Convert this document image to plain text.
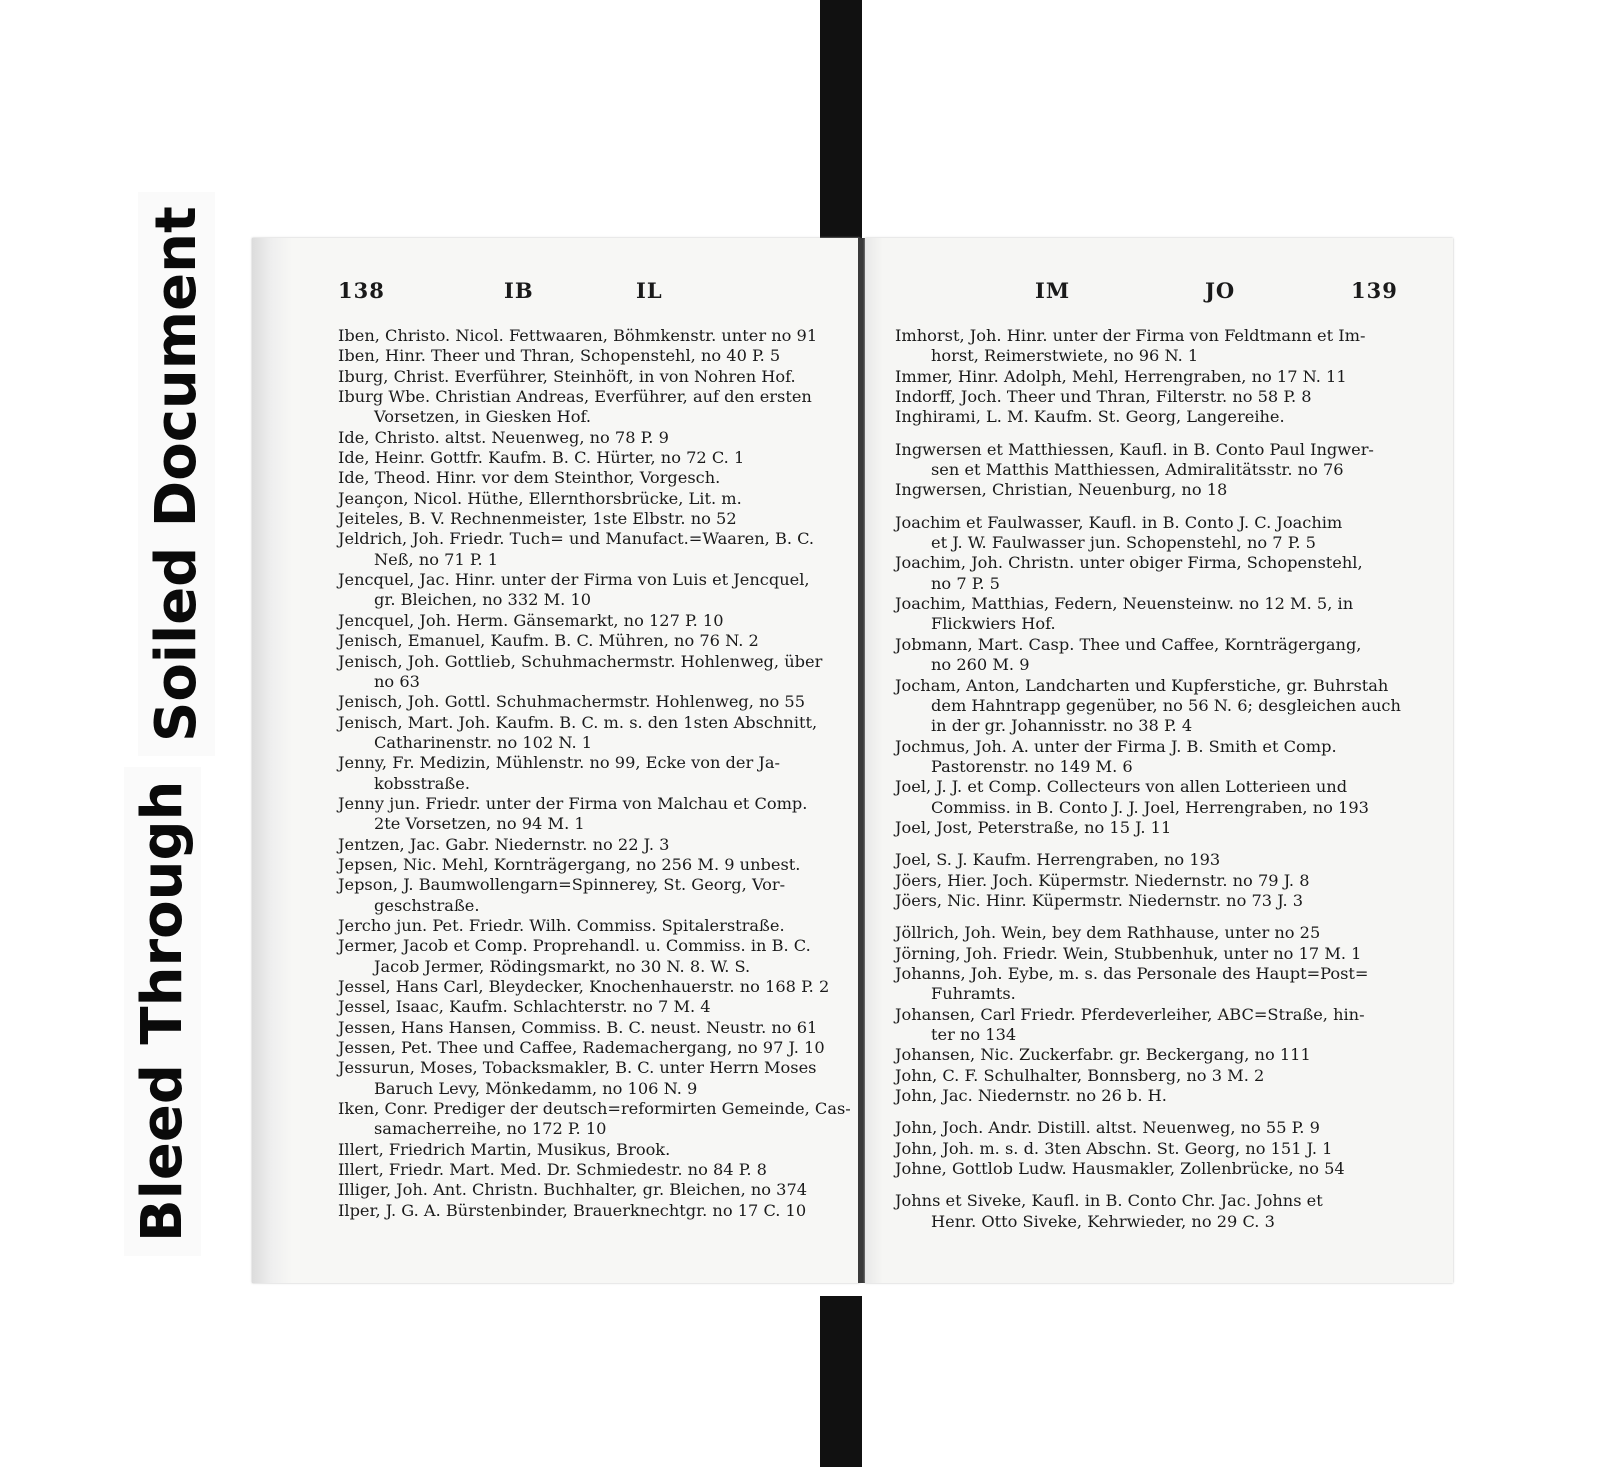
Soiled Document
Bleed Through
138	IB	IL
Iben, Christo. Nicol. Fettwaaren, Böhmkenstr. unter no 91
Iben, Hinr. Theer und Thran, Schopenstehl, no 40 P. 5
Iburg, Christ. Everführer, Steinhöft, in von Nohren Hof.
Iburg Wbe. Christian Andreas, Everführer, auf den ersten
Vorsetzen, in Giesken Hof.
Ide, Christo. altst. Neuenweg, no 78 P. 9
Ide, Heinr. Gottfr. Kaufm. B. C. Hürter, no 72 C. 1
Ide, Theod. Hinr. vor dem Steinthor, Vorgesch.
Jeançon, Nicol. Hüthe, Ellernthorsbrücke, Lit. m.
Jeiteles, B. V. Rechnenmeister, 1ste Elbstr. no 52
Jeldrich, Joh. Friedr. Tuch= und Manufact.=Waaren, B. C.
Neß, no 71 P. 1
Jencquel, Jac. Hinr. unter der Firma von Luis et Jencquel,
gr. Bleichen, no 332 M. 10
Jencquel, Joh. Herm. Gänsemarkt, no 127 P. 10
Jenisch, Emanuel, Kaufm. B. C. Mühren, no 76 N. 2
Jenisch, Joh. Gottlieb, Schuhmachermstr. Hohlenweg, über
no 63
Jenisch, Joh. Gottl. Schuhmachermstr. Hohlenweg, no 55
Jenisch, Mart. Joh. Kaufm. B. C. m. s. den 1sten Abschnitt,
Catharinenstr. no 102 N. 1
Jenny, Fr. Medizin, Mühlenstr. no 99, Ecke von der Ja-
kobsstraße.
Jenny jun. Friedr. unter der Firma von Malchau et Comp.
2te Vorsetzen, no 94 M. 1
Jentzen, Jac. Gabr. Niedernstr. no 22 J. 3
Jepsen, Nic. Mehl, Kornträgergang, no 256 M. 9 unbest.
Jepson, J. Baumwollengarn=Spinnerey, St. Georg, Vor-
geschstraße.
Jercho jun. Pet. Friedr. Wilh. Commiss. Spitalerstraße.
Jermer, Jacob et Comp. Proprehandl. u. Commiss. in B. C.
Jacob Jermer, Rödingsmarkt, no 30 N. 8. W. S.
Jessel, Hans Carl, Bleydecker, Knochenhauerstr. no 168 P. 2
Jessel, Isaac, Kaufm. Schlachterstr. no 7 M. 4
Jessen, Hans Hansen, Commiss. B. C. neust. Neustr. no 61
Jessen, Pet. Thee und Caffee, Rademachergang, no 97 J. 10
Jessurun, Moses, Tobacksmakler, B. C. unter Herrn Moses
Baruch Levy, Mönkedamm, no 106 N. 9
Iken, Conr. Prediger der deutsch=reformirten Gemeinde, Cas-
samacherreihe, no 172 P. 10
Illert, Friedrich Martin, Musikus, Brook.
Illert, Friedr. Mart. Med. Dr. Schmiedestr. no 84 P. 8
Illiger, Joh. Ant. Christn. Buchhalter, gr. Bleichen, no 374
Ilper, J. G. A. Bürstenbinder, Brauerknechtgr. no 17 C. 10
IM	JO	139
Imhorst, Joh. Hinr. unter der Firma von Feldtmann et Im-
horst, Reimerstwiete, no 96 N. 1
Immer, Hinr. Adolph, Mehl, Herrengraben, no 17 N. 11
Indorff, Joch. Theer und Thran, Filterstr. no 58 P. 8
Inghirami, L. M. Kaufm. St. Georg, Langereihe.
Ingwersen et Matthiessen, Kaufl. in B. Conto Paul Ingwer-
sen et Matthis Matthiessen, Admiralitätsstr. no 76
Ingwersen, Christian, Neuenburg, no 18
Joachim et Faulwasser, Kaufl. in B. Conto J. C. Joachim
et J. W. Faulwasser jun. Schopenstehl, no 7 P. 5
Joachim, Joh. Christn. unter obiger Firma, Schopenstehl,
no 7 P. 5
Joachim, Matthias, Federn, Neuensteinw. no 12 M. 5, in
Flickwiers Hof.
Jobmann, Mart. Casp. Thee und Caffee, Kornträgergang,
no 260 M. 9
Jocham, Anton, Landcharten und Kupferstiche, gr. Buhrstah
dem Hahntrapp gegenüber, no 56 N. 6; desgleichen auch
in der gr. Johannisstr. no 38 P. 4
Jochmus, Joh. A. unter der Firma J. B. Smith et Comp.
Pastorenstr. no 149 M. 6
Joel, J. J. et Comp. Collecteurs von allen Lotterieen und
Commiss. in B. Conto J. J. Joel, Herrengraben, no 193
Joel, Jost, Peterstraße, no 15 J. 11
Joel, S. J. Kaufm. Herrengraben, no 193
Jöers, Hier. Joch. Küpermstr. Niedernstr. no 79 J. 8
Jöers, Nic. Hinr. Küpermstr. Niedernstr. no 73 J. 3
Jöllrich, Joh. Wein, bey dem Rathhause, unter no 25
Jörning, Joh. Friedr. Wein, Stubbenhuk, unter no 17 M. 1
Johanns, Joh. Eybe, m. s. das Personale des Haupt=Post=
Fuhramts.
Johansen, Carl Friedr. Pferdeverleiher, ABC=Straße, hin-
ter no 134
Johansen, Nic. Zuckerfabr. gr. Beckergang, no 111
John, C. F. Schulhalter, Bonnsberg, no 3 M. 2
John, Jac. Niedernstr. no 26 b. H.
John, Joch. Andr. Distill. altst. Neuenweg, no 55 P. 9
John, Joh. m. s. d. 3ten Abschn. St. Georg, no 151 J. 1
Johne, Gottlob Ludw. Hausmakler, Zollenbrücke, no 54
Johns et Siveke, Kaufl. in B. Conto Chr. Jac. Johns et
Henr. Otto Siveke, Kehrwieder, no 29 C. 3
